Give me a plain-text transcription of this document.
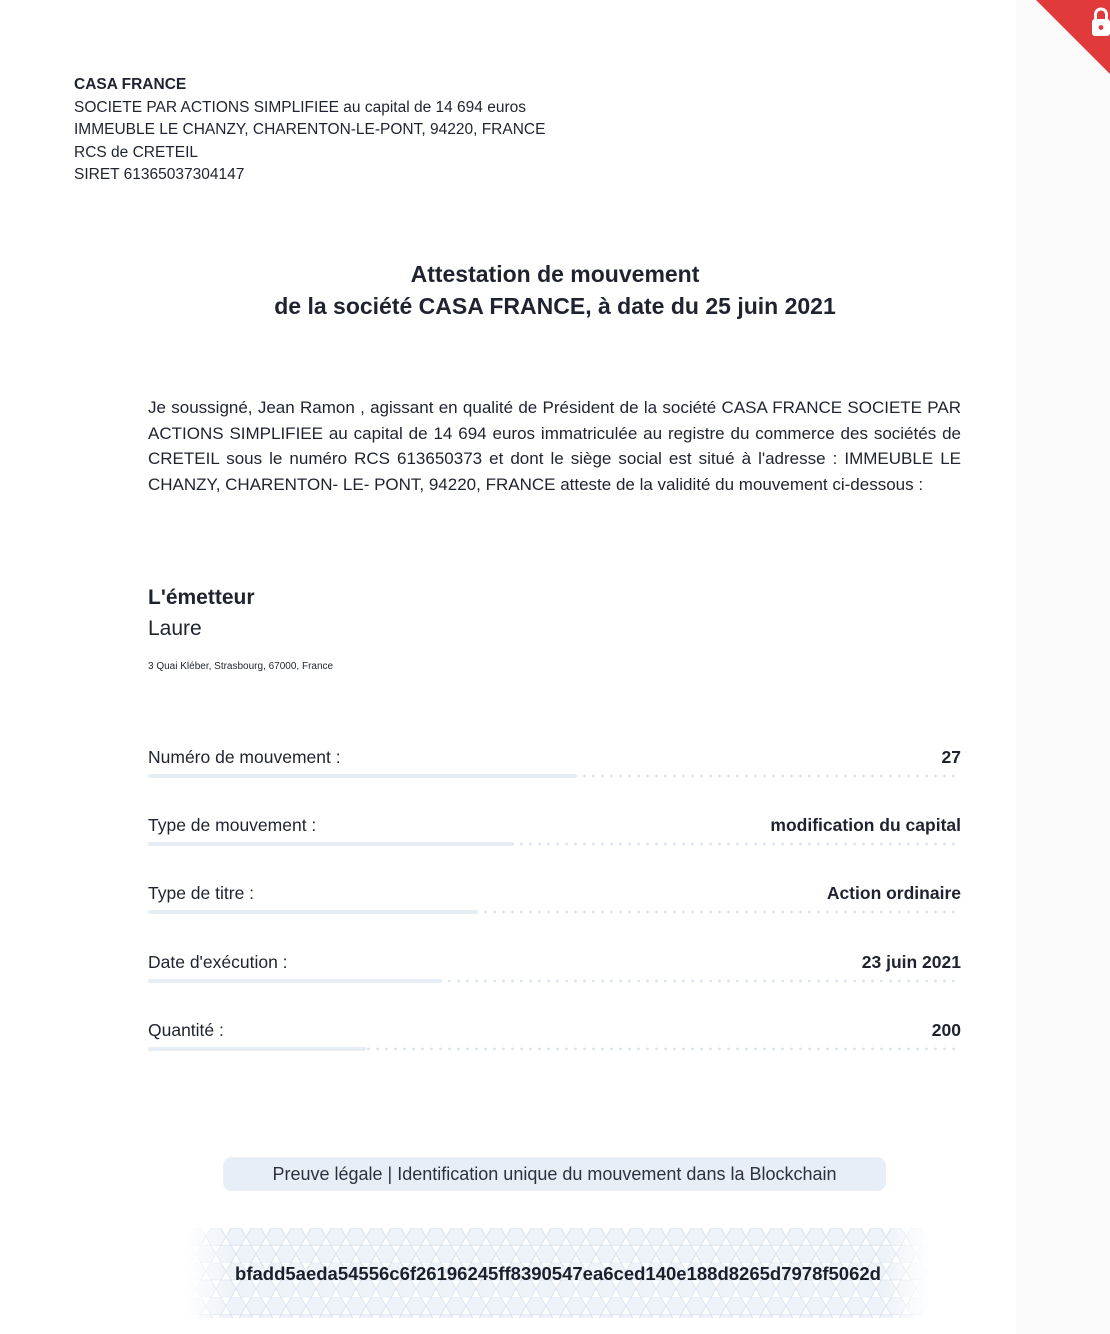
CASA FRANCE
SOCIETE PAR ACTIONS SIMPLIFIEE au capital de 14 694 euros
IMMEUBLE LE CHANZY, CHARENTON-LE-PONT, 94220, FRANCE
RCS de CRETEIL
SIRET 61365037304147
Attestation de mouvement
de la société CASA FRANCE, à date du 25 juin 2021
Je soussigné, Jean Ramon , agissant en qualité de Président de la société CASA FRANCE SOCIETE PAR ACTIONS SIMPLIFIEE au capital de 14 694 euros immatriculée au registre du commerce des sociétés de CRETEIL sous le numéro RCS 613650373 et dont le siège social est situé à l'adresse : IMMEUBLE LE CHANZY, CHARENTON- LE- PONT, 94220, FRANCE atteste de la validité du mouvement ci-dessous :
L'émetteur
Laure
3 Quai Kléber, Strasbourg, 67000, France
Numéro de mouvement :	27
Type de mouvement :	modification du capital
Type de titre :	Action ordinaire
Date d'exécution :	23 juin 2021
Quantité :	200
Preuve légale | Identification unique du mouvement dans la Blockchain
bfadd5aeda54556c6f26196245ff8390547ea6ced140e188d8265d7978f5062d
